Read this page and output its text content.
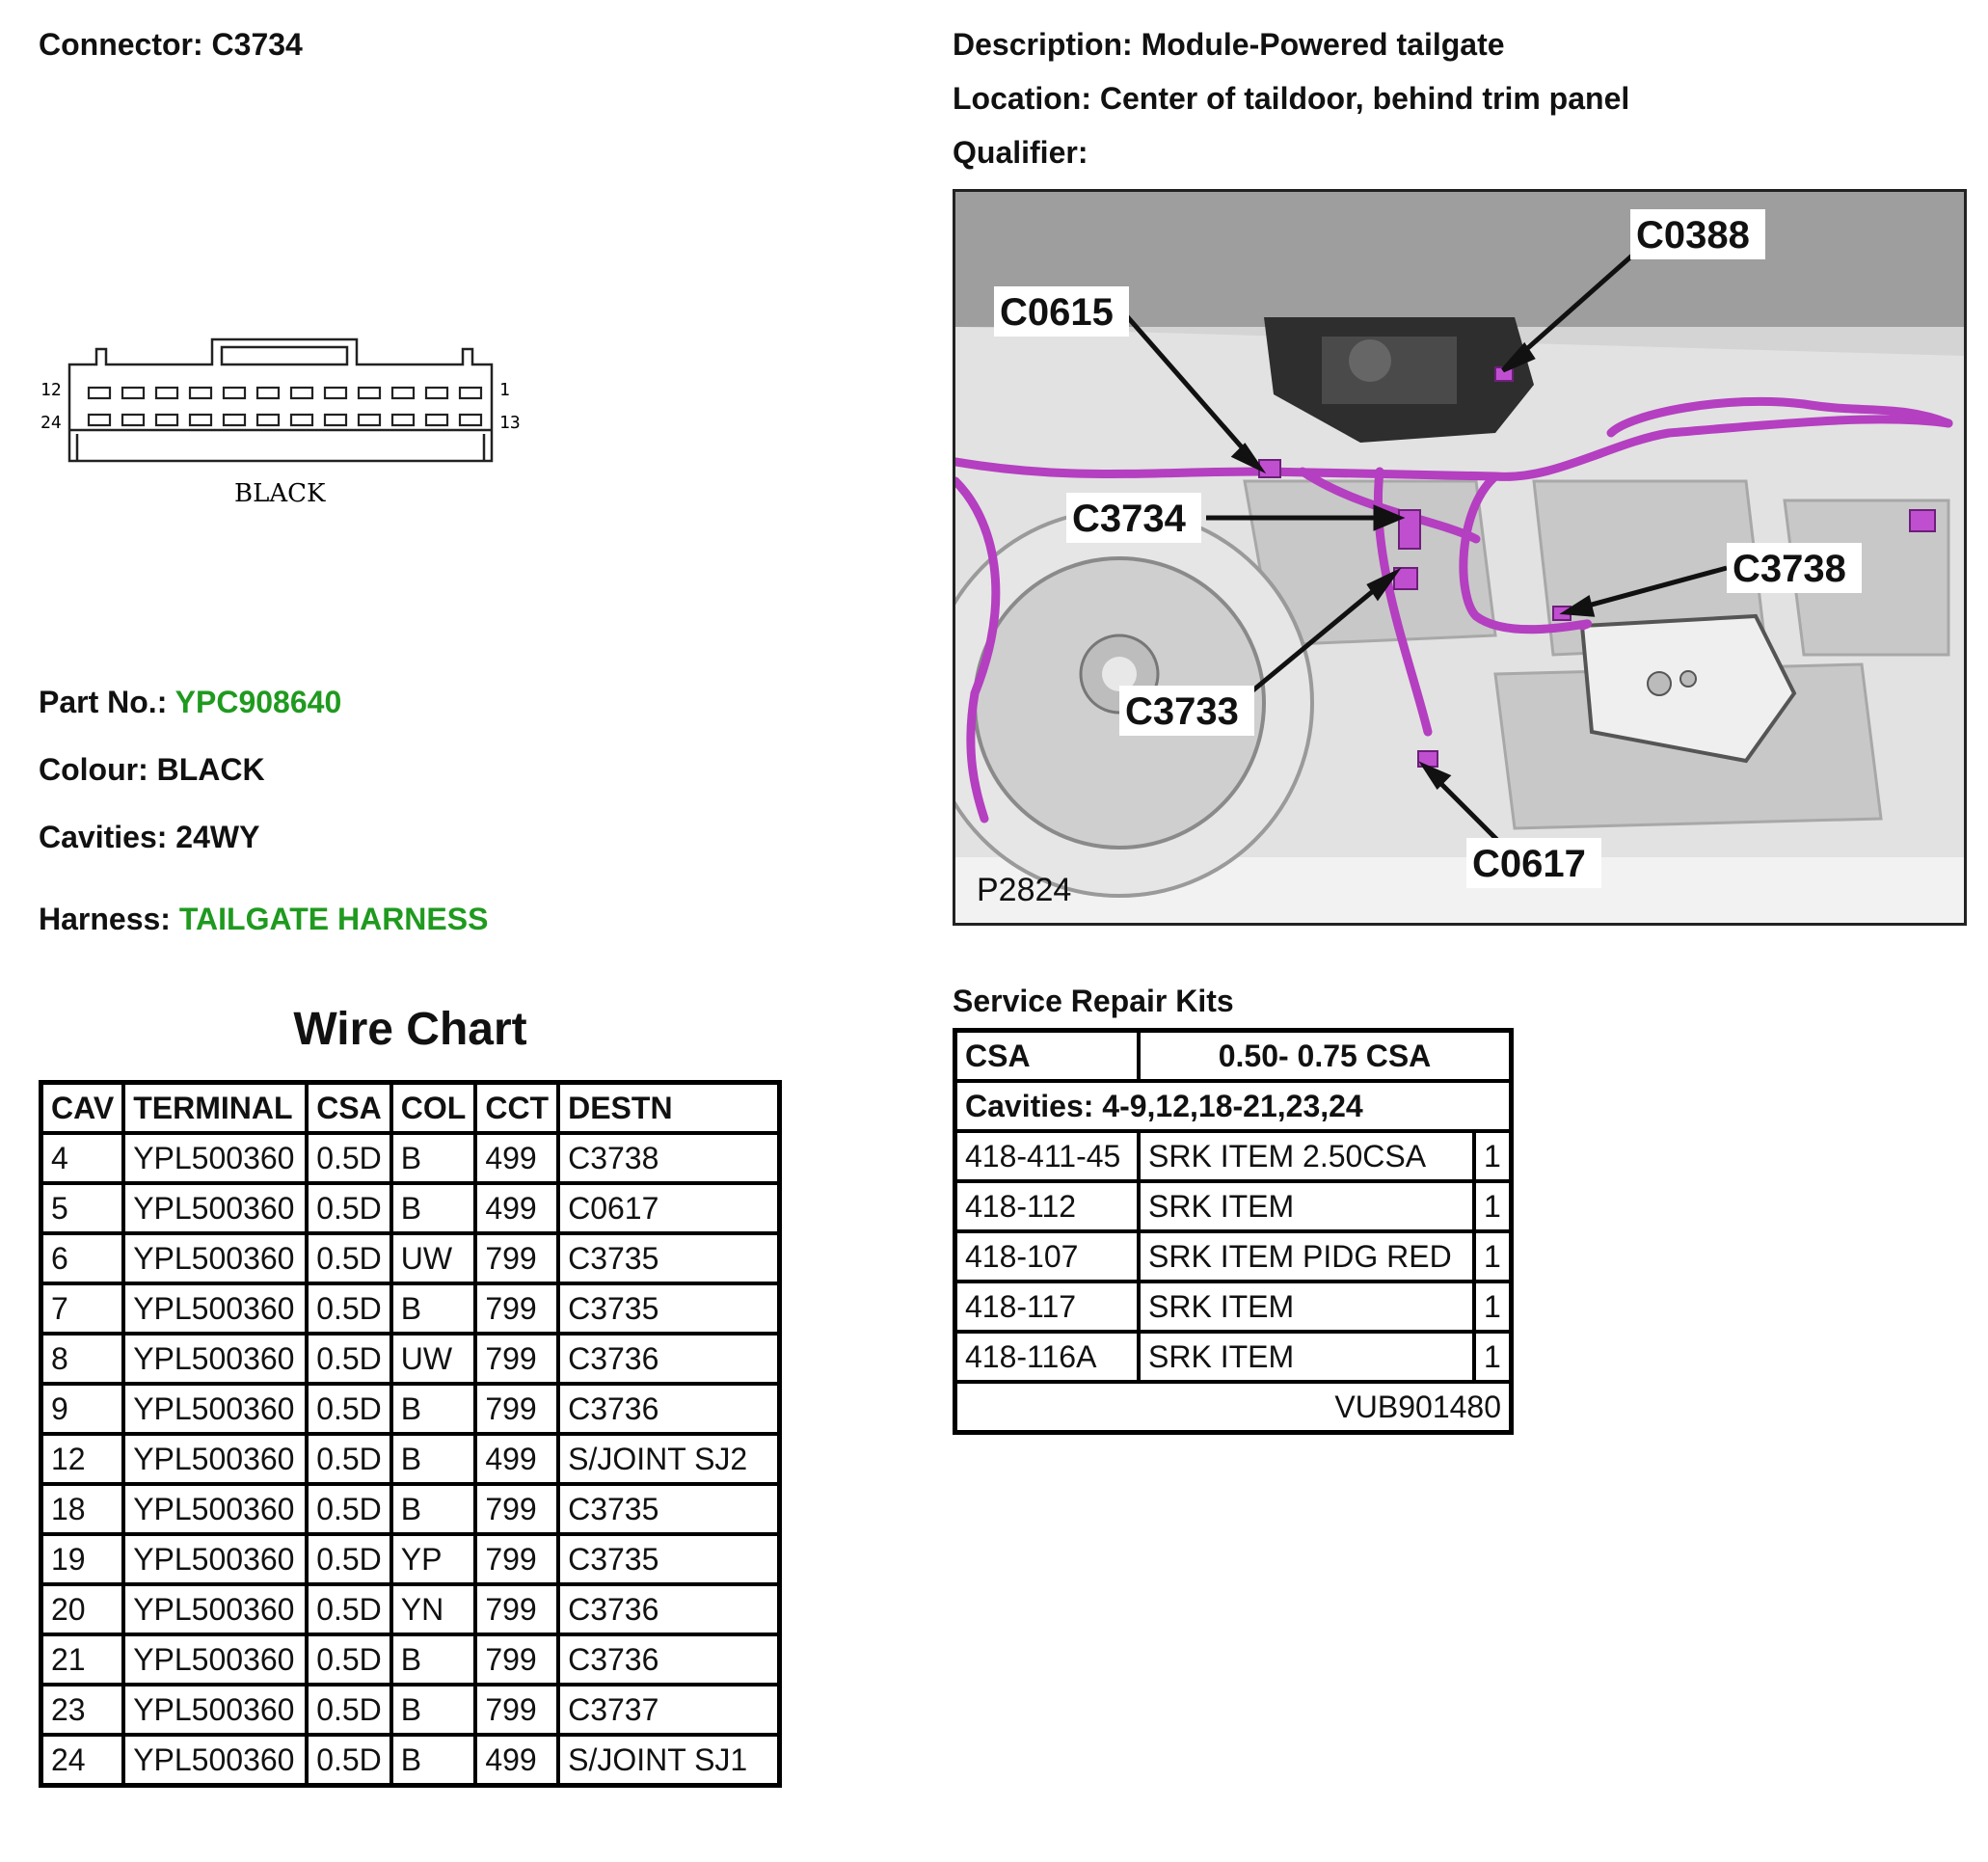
Connector: C3734	Description: Module-Powered tailgate
Location: Center of taildoor, behind trim panel
Qualifier:
12	1
24	13
BLACK
Part No.: YPC908640
Colour: BLACK
Cavities: 24WY
Harness: TAILGATE HARNESS
C0388
C0615
C3734
C3738
C3733
C0617
P2824
Wire Chart
CAV	TERMINAL	CSA	COL	CCT	DESTN
4	YPL500360	0.5D	B	499	C3738
5	YPL500360	0.5D	B	499	C0617
6	YPL500360	0.5D	UW	799	C3735
7	YPL500360	0.5D	B	799	C3735
8	YPL500360	0.5D	UW	799	C3736
9	YPL500360	0.5D	B	799	C3736
12	YPL500360	0.5D	B	499	S/JOINT SJ2
18	YPL500360	0.5D	B	799	C3735
19	YPL500360	0.5D	YP	799	C3735
20	YPL500360	0.5D	YN	799	C3736
21	YPL500360	0.5D	B	799	C3736
23	YPL500360	0.5D	B	799	C3737
24	YPL500360	0.5D	B	499	S/JOINT SJ1
Service Repair Kits
CSA	0.50- 0.75 CSA	
Cavities: 4-9,12,18-21,23,24		
418-411-45	SRK ITEM 2.50CSA	1
418-112	SRK ITEM	1
418-107	SRK ITEM PIDG RED	1
418-117	SRK ITEM	1
418-116A	SRK ITEM	1
VUB901480		
